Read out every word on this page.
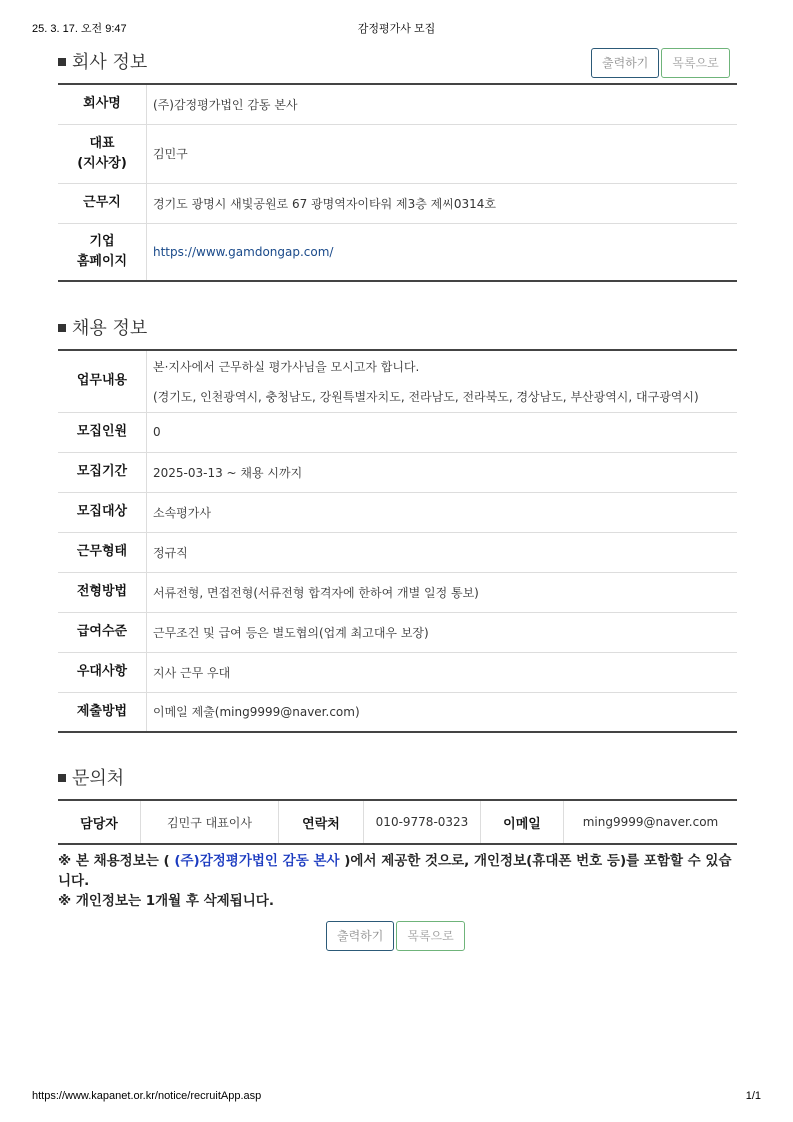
25. 3. 17. 오전 9:47	감정평가사 모집
회사 정보	출력하기 목록으로
회사명	(주)감정평가법인 감동 본사
대표
(지사장)	김민구
근무지	경기도 광명시 새빛공원로 67 광명역자이타워 제3층 제씨0314호
기업
홈페이지	https://www.gamdongap.com/
채용 정보
업무내용	본·지사에서 근무하실 평가사님을 모시고자 합니다.
(경기도, 인천광역시, 충청남도, 강원특별자치도, 전라남도, 전라북도, 경상남도, 부산광역시, 대구광역시)

모집인원	0
모집기간	2025-03-13 ~ 채용 시까지
모집대상	소속평가사
근무형태	정규직
전형방법	서류전형, 면접전형(서류전형 합격자에 한하여 개별 일정 통보)
급여수준	근무조건 및 급여 등은 별도협의(업계 최고대우 보장)
우대사항	지사 근무 우대
제출방법	이메일 제출(ming9999@naver.com)
문의처
담당자	김민구 대표이사	연락처	010-9778-0323	이메일	ming9999@naver.com
※ 본 채용정보는 ( (주)감정평가법인 감동 본사 )에서 제공한 것으로, 개인정보(휴대폰 번호 등)를 포함할 수 있습니다.
※ 개인정보는 1개월 후 삭제됩니다.
출력하기 목록으로
https://www.kapanet.or.kr/notice/recruitApp.asp	1/1
